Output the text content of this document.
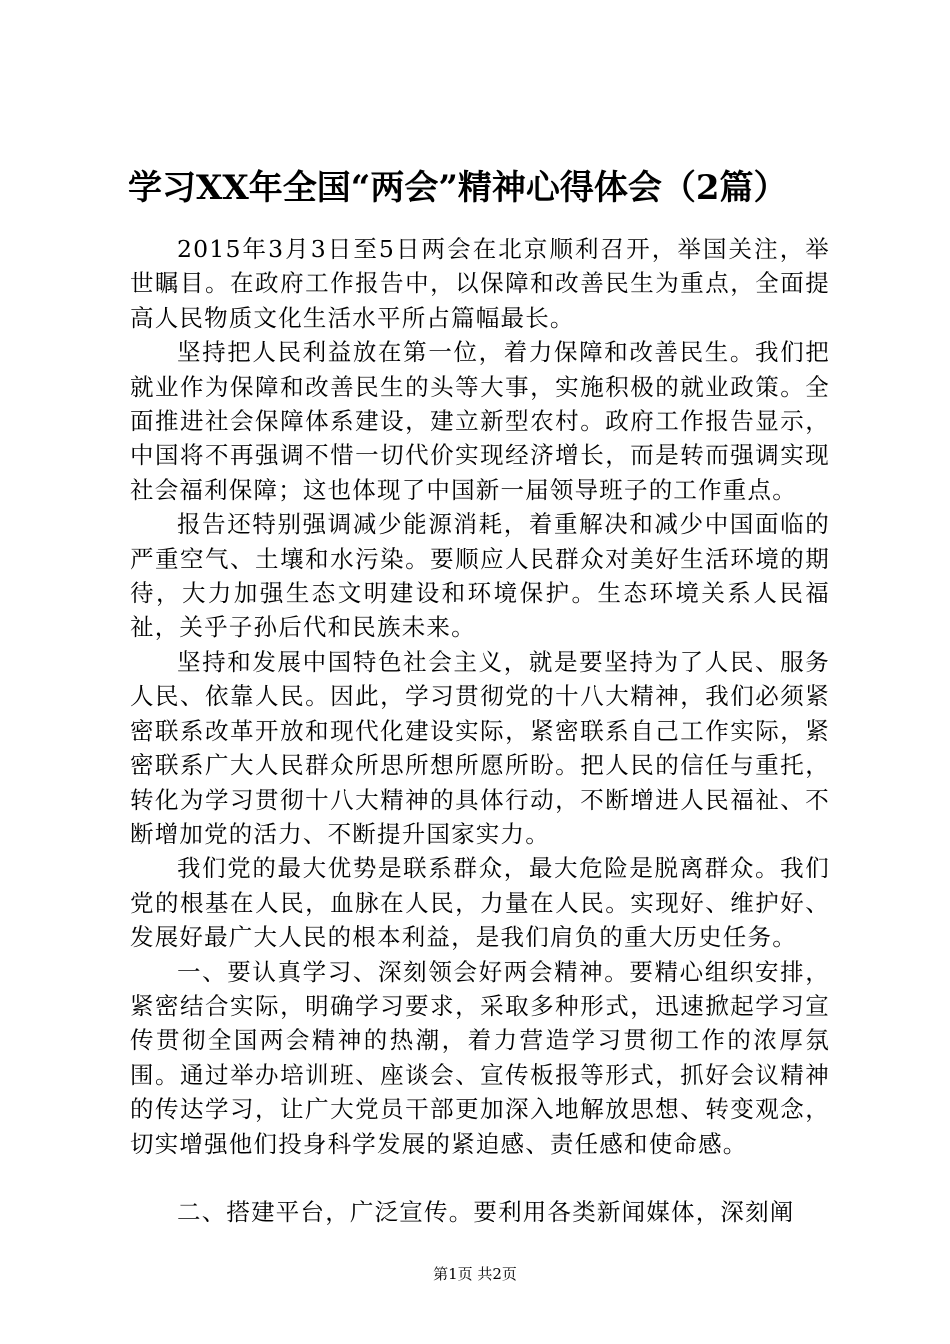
学习XX年全国“两会”精神心得体会（2篇）

2015年3月3日至5日两会在北京顺利召开，举国关注，举世瞩目。在政府工作报告中，以保障和改善民生为重点，全面提高人民物质文化生活水平所占篇幅最长。

坚持把人民利益放在第一位，着力保障和改善民生。我们把就业作为保障和改善民生的头等大事，实施积极的就业政策。全面推进社会保障体系建设，建立新型农村。政府工作报告显示，中国将不再强调不惜一切代价实现经济增长，而是转而强调实现社会福利保障；这也体现了中国新一届领导班子的工作重点。

报告还特别强调减少能源消耗，着重解决和减少中国面临的严重空气、土壤和水污染。要顺应人民群众对美好生活环境的期待，大力加强生态文明建设和环境保护。生态环境关系人民福祉，关乎子孙后代和民族未来。

坚持和发展中国特色社会主义，就是要坚持为了人民、服务人民、依靠人民。因此，学习贯彻党的十八大精神，我们必须紧密联系改革开放和现代化建设实际，紧密联系自己工作实际，紧密联系广大人民群众所思所想所愿所盼。把人民的信任与重托，转化为学习贯彻十八大精神的具体行动，不断增进人民福祉、不断增加党的活力、不断提升国家实力。

我们党的最大优势是联系群众，最大危险是脱离群众。我们党的根基在人民，血脉在人民，力量在人民。实现好、维护好、发展好最广大人民的根本利益，是我们肩负的重大历史任务。

一、要认真学习、深刻领会好两会精神。要精心组织安排，紧密结合实际，明确学习要求，采取多种形式，迅速掀起学习宣传贯彻全国两会精神的热潮，着力营造学习贯彻工作的浓厚氛围。通过举办培训班、座谈会、宣传板报等形式，抓好会议精神的传达学习，让广大党员干部更加深入地解放思想、转变观念，切实增强他们投身科学发展的紧迫感、责任感和使命感。

二、搭建平台，广泛宣传。要利用各类新闻媒体，深刻阐

第1页 共2页
